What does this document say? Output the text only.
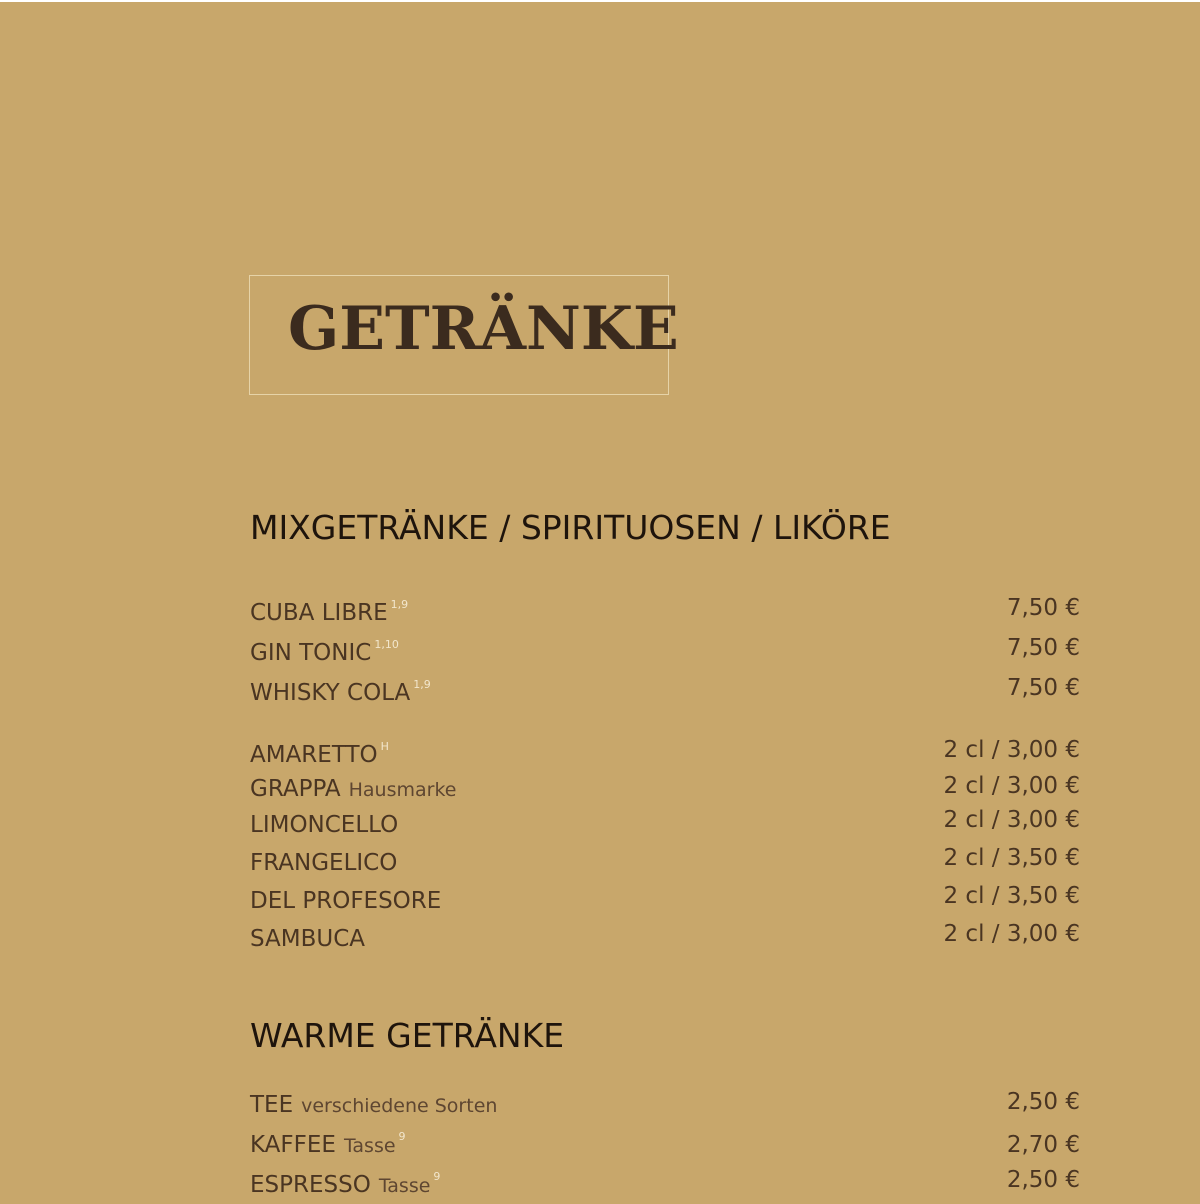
GETRÄNKE
MIXGETRÄNKE / SPIRITUOSEN / LIKÖRE
CUBA LIBRE $^{1,9}$	7,50 €
GIN TONIC $^{1,10}$	7,50 €
WHISKY COLA $^{1,9}$	7,50 €
AMARETTO $^H$	2 cl / 3,00 €
GRAPPA Hausmarke	2 cl / 3,00 €
LIMONCELLO	2 cl / 3,00 €
FRANGELICO	2 cl / 3,50 €
DEL PROFESORE	2 cl / 3,50 €
SAMBUCA	2 cl / 3,00 €
WARME GETRÄNKE
TEE verschiedene Sorten	2,50 €
KAFFEE Tasse $^9$	2,70 €
ESPRESSO Tasse $^9$	2,50 €
